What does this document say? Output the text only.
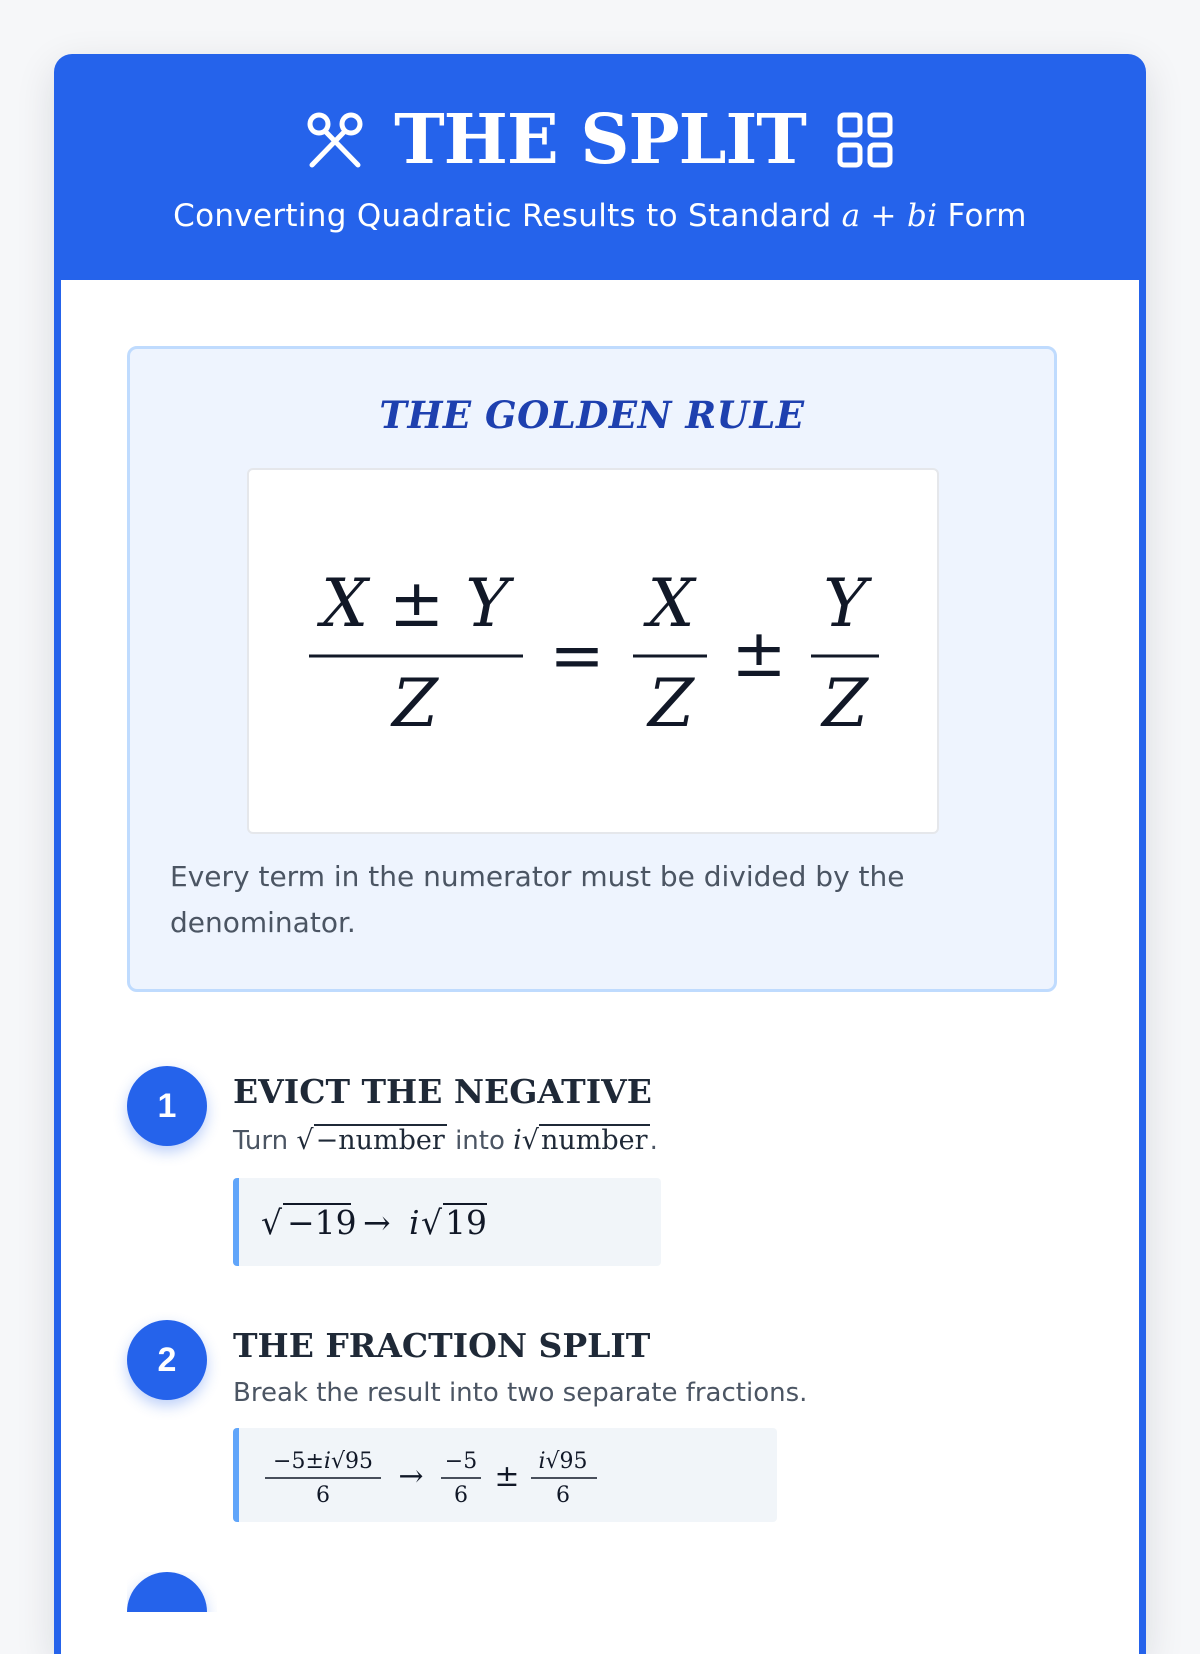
THE SPLIT
Converting Quadratic Results to Standard a + bi Form
THE GOLDEN RULE
X ± Y
Z
=
X
Z
±
Y
Z
Every term in the numerator must be divided by the denominator.
1	EVICT THE NEGATIVE
Turn √−number into i√number.
√ −19 → i √ 19
2	THE FRACTION SPLIT
Break the result into two separate fractions.
−5±i√95
6
→ −5
6
± i√95
6
